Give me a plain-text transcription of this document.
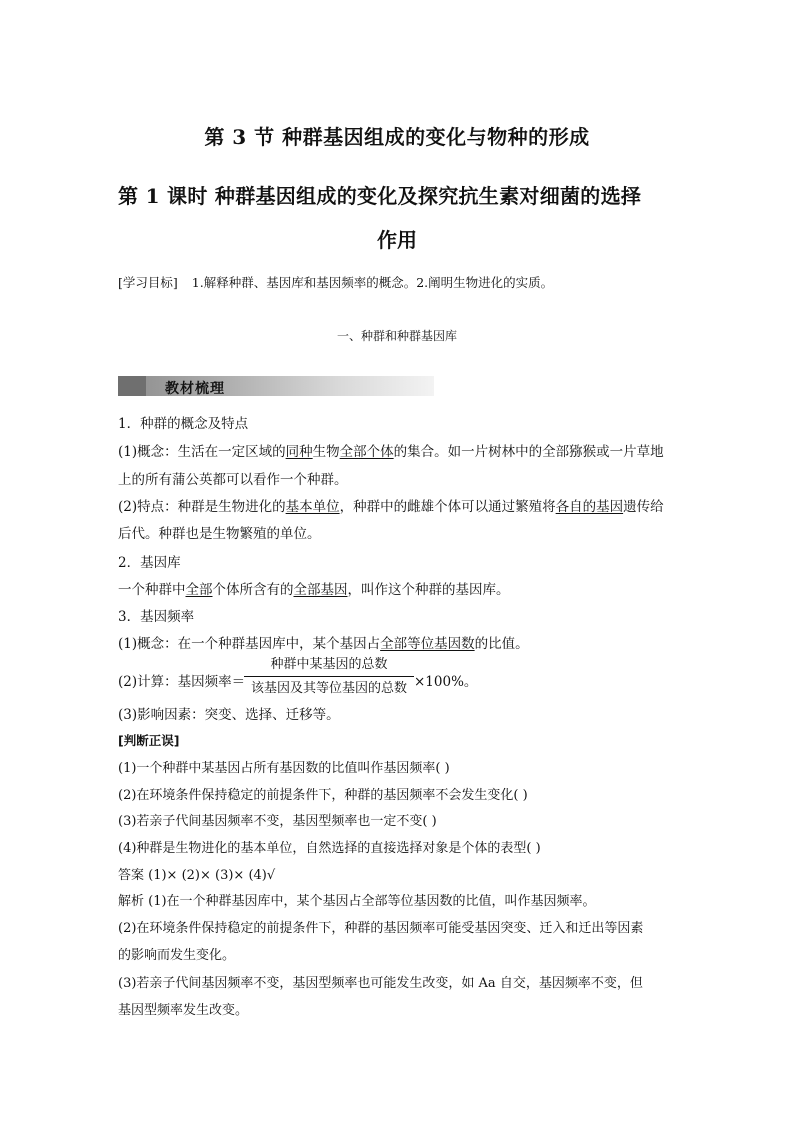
第 3 节 种群基因组成的变化与物种的形成
第 1 课时 种群基因组成的变化及探究抗生素对细菌的选择
作用
[学习目标] 1.解释种群、基因库和基因频率的概念。2.阐明生物进化的实质。
一、种群和种群基因库
教材梳理
1．种群的概念及特点
(1)概念：生活在一定区域的同种生物全部个体的集合。如一片树林中的全部猕猴或一片草地
上的所有蒲公英都可以看作一个种群。
(2)特点：种群是生物进化的基本单位，种群中的雌雄个体可以通过繁殖将各自的基因遗传给
后代。种群也是生物繁殖的单位。
2．基因库
一个种群中全部个体所含有的全部基因，叫作这个种群的基因库。
3．基因频率
(1)概念：在一个种群基因库中，某个基因占全部等位基因数的比值。
(2)计算：基因频率＝
种群中某基因的总数
该基因及其等位基因的总数 ×100%。
(3)影响因素：突变、选择、迁移等。
[判断正误]
(1)一个种群中某基因占所有基因数的比值叫作基因频率( )
(2)在环境条件保持稳定的前提条件下，种群的基因频率不会发生变化( )
(3)若亲子代间基因频率不变，基因型频率也一定不变( )
(4)种群是生物进化的基本单位，自然选择的直接选择对象是个体的表型( )
答案 (1)× (2)× (3)× (4)√
解析 (1)在一个种群基因库中，某个基因占全部等位基因数的比值，叫作基因频率。
(2)在环境条件保持稳定的前提条件下，种群的基因频率可能受基因突变、迁入和迁出等因素
的影响而发生变化。
(3)若亲子代间基因频率不变，基因型频率也可能发生改变，如 Aa 自交，基因频率不变，但
基因型频率发生改变。
